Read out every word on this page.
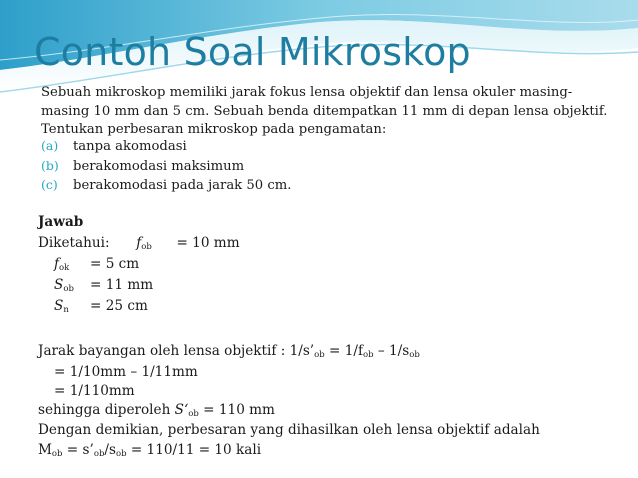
Contoh Soal Mikroskop
Sebuah mikroskop memiliki jarak fokus lensa objektif dan lensa okuler masing-
masing 10 mm dan 5 cm. Sebuah benda ditempatkan 11 mm di depan lensa objektif.
Tentukan perbesaran mikroskop pada pengamatan:
(a) tanpa akomodasi
(b) berakomodasi maksimum
(c) berakomodasi pada jarak 50 cm.
Jawab
Diketahui: $f_{ob} = 10$ mm
$f_{ok} = 5$ cm
$S_{ob} = 11$ mm
$S_n = 25$ cm
Jarak bayangan oleh lensa objektif : $1/s’_{ob} = 1/f_{ob} - 1/s_{ob}$
= 1/10mm – 1/11mm
= 1/110mm
sehingga diperoleh $S‘_{ob} = 110$ mm
Dengan demikian, perbesaran yang dihasilkan oleh lensa objektif adalah
$M_{ob}$ = $s’_{ob}/s_{ob} = 110/11 = 10$ kali
